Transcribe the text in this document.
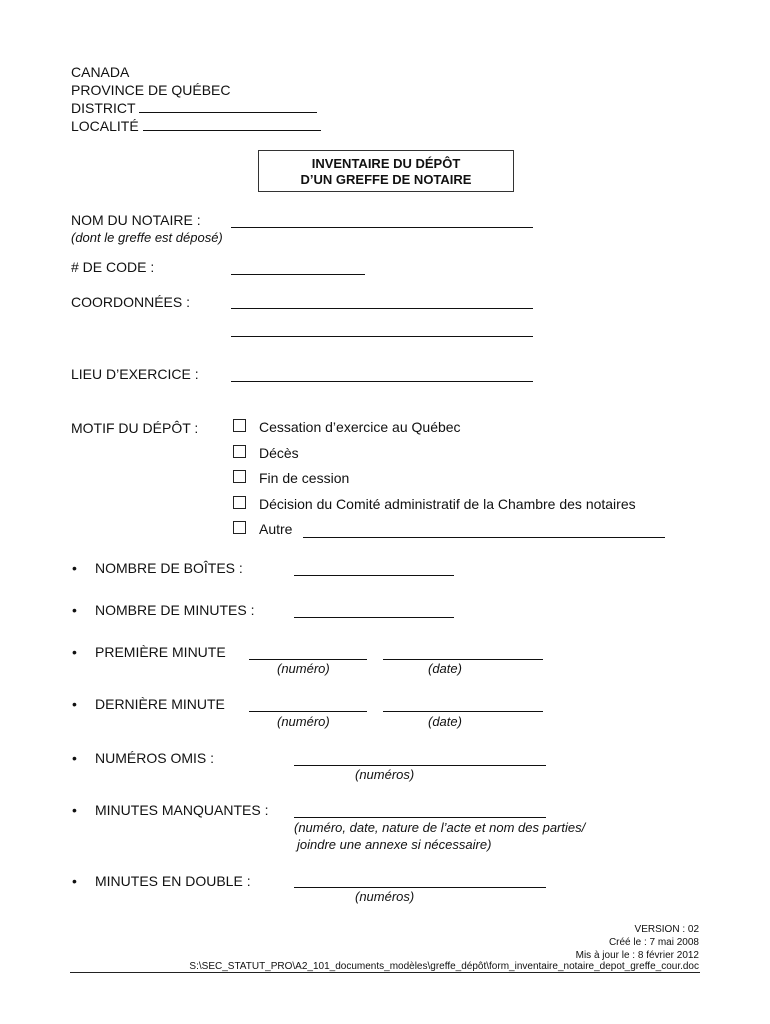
CANADA
PROVINCE DE QUÉBEC
DISTRICT
LOCALITÉ
INVENTAIRE DU DÉPÔT
D’UN GREFFE DE NOTAIRE
NOM DU NOTAIRE :
(dont le greffe est déposé)
# DE CODE :
COORDONNÉES :
LIEU D’EXERCICE :
MOTIF DU DÉPÔT :	Cessation d’exercice au Québec
Décès
Fin de cession
Décision du Comité administratif de la Chambre des notaires
Autre
• NOMBRE DE BOÎTES :
• NOMBRE DE MINUTES :
• PREMIÈRE MINUTE
(numéro)	(date)
• DERNIÈRE MINUTE
(numéro)	(date)
• NUMÉROS OMIS :
(numéros)
• MINUTES MANQUANTES :
(numéro, date, nature de l’acte et nom des parties/
joindre une annexe si nécessaire)
• MINUTES EN DOUBLE :
(numéros)
VERSION : 02
Créé le : 7 mai 2008
Mis à jour le : 8 février 2012
S:\SEC_STATUT_PRO\A2_101_documents_modèles\greffe_dépôt\form_inventaire_notaire_depot_greffe_cour.doc
